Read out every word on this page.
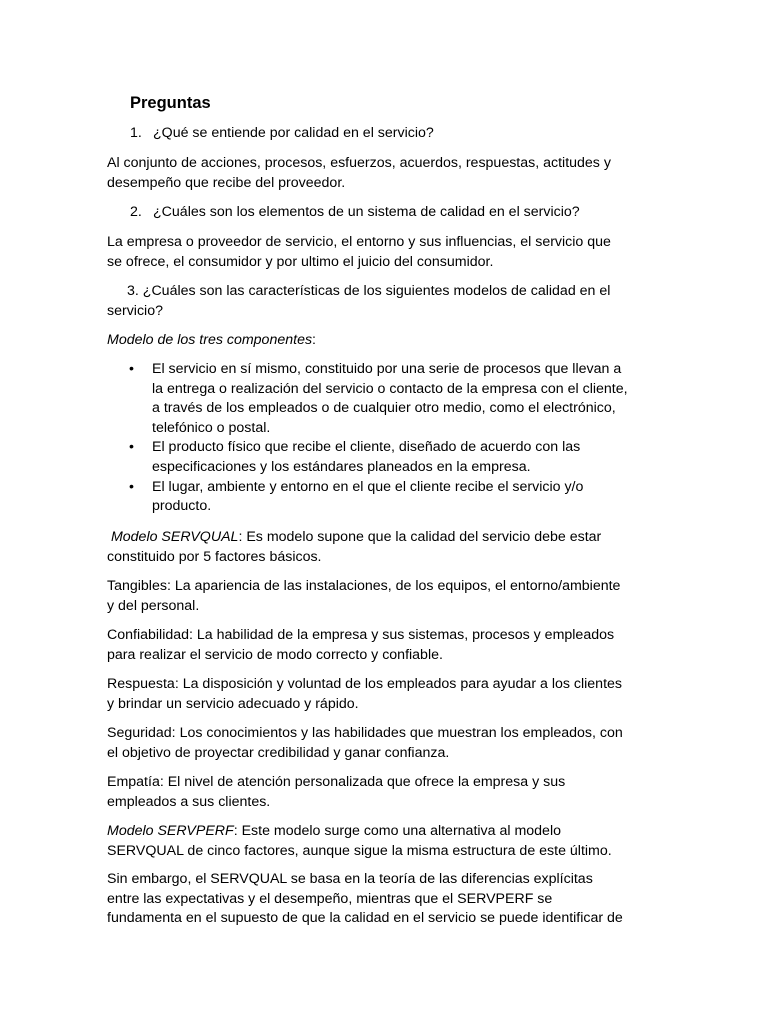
Preguntas
1. ¿Qué se entiende por calidad en el servicio?
Al conjunto de acciones, procesos, esfuerzos, acuerdos, respuestas, actitudes y
desempeño que recibe del proveedor.
2. ¿Cuáles son los elementos de un sistema de calidad en el servicio?
La empresa o proveedor de servicio, el entorno y sus influencias, el servicio que
se ofrece, el consumidor y por ultimo el juicio del consumidor.
3. ¿Cuáles son las características de los siguientes modelos de calidad en el
servicio?
Modelo de los tres componentes:
• El servicio en sí mismo, constituido por una serie de procesos que llevan a
la entrega o realización del servicio o contacto de la empresa con el cliente,
a través de los empleados o de cualquier otro medio, como el electrónico,
telefónico o postal.
• El producto físico que recibe el cliente, diseñado de acuerdo con las
especificaciones y los estándares planeados en la empresa.
• El lugar, ambiente y entorno en el que el cliente recibe el servicio y/o
producto.
Modelo SERVQUAL: Es modelo supone que la calidad del servicio debe estar
constituido por 5 factores básicos.
Tangibles: La apariencia de las instalaciones, de los equipos, el entorno/ambiente
y del personal.
Confiabilidad: La habilidad de la empresa y sus sistemas, procesos y empleados
para realizar el servicio de modo correcto y confiable.
Respuesta: La disposición y voluntad de los empleados para ayudar a los clientes
y brindar un servicio adecuado y rápido.
Seguridad: Los conocimientos y las habilidades que muestran los empleados, con
el objetivo de proyectar credibilidad y ganar confianza.
Empatía: El nivel de atención personalizada que ofrece la empresa y sus
empleados a sus clientes.
Modelo SERVPERF: Este modelo surge como una alternativa al modelo
SERVQUAL de cinco factores, aunque sigue la misma estructura de este último.
Sin embargo, el SERVQUAL se basa en la teoría de las diferencias explícitas
entre las expectativas y el desempeño, mientras que el SERVPERF se
fundamenta en el supuesto de que la calidad en el servicio se puede identificar de
